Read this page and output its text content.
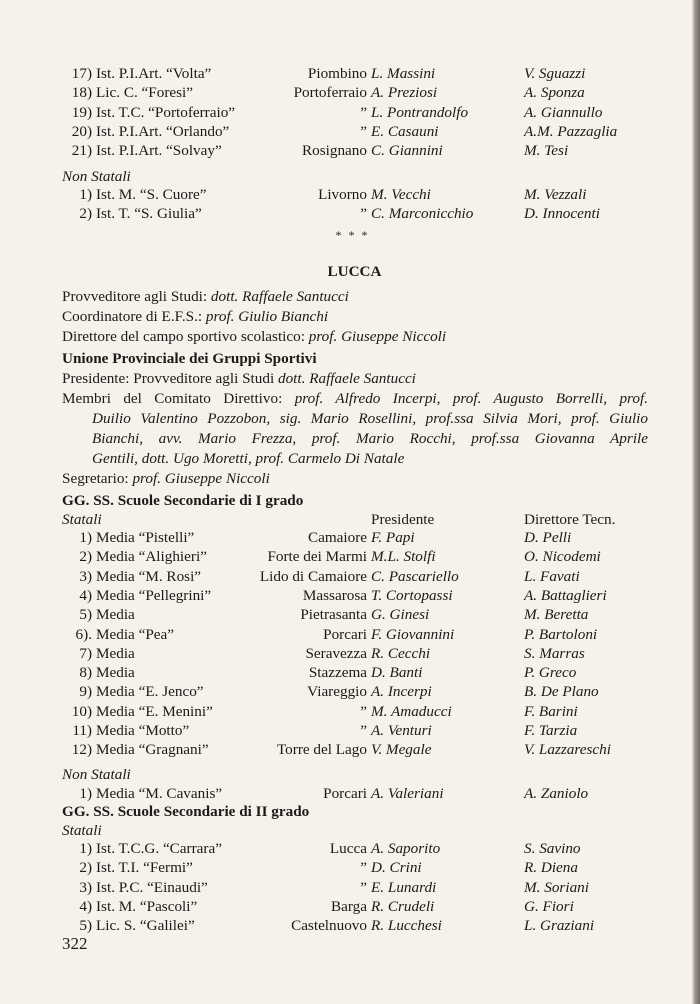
17) Ist. P.I.Art. “Volta”	Piombino L. Massini	V. Sguazzi
18) Lic. C. “Foresi”	Portoferraio A. Preziosi	A. Sponza
19) Ist. T.C. “Portoferraio”	” L. Pontrandolfo	A. Giannullo
20) Ist. P.I.Art. “Orlando”	” E. Casauni	A.M. Pazzaglia
21) Ist. P.I.Art. “Solvay”	Rosignano C. Giannini	M. Tesi
Non Statali
1) Ist. M. “S. Cuore”	Livorno M. Vecchi	M. Vezzali
2) Ist. T. “S. Giulia”	” C. Marconicchio	D. Innocenti
* * *
LUCCA
Provveditore agli Studi: dott. Raffaele Santucci
Coordinatore di E.F.S.: prof. Giulio Bianchi
Direttore del campo sportivo scolastico: prof. Giuseppe Niccoli
Unione Provinciale dei Gruppi Sportivi
Presidente: Provveditore agli Studi dott. Raffaele Santucci
Membri del Comitato Direttivo: prof. Alfredo Incerpi, prof. Augusto Borrelli, prof.
Duilio Valentino Pozzobon, sig. Mario Rosellini, prof.ssa Silvia Mori, prof. Giulio
Bianchi, avv. Mario Frezza, prof. Mario Rocchi, prof.ssa Giovanna Aprile
Gentili, dott. Ugo Moretti, prof. Carmelo Di Natale
Segretario: prof. Giuseppe Niccoli
GG. SS. Scuole Secondarie di I grado
Statali	Presidente	Direttore Tecn.
1) Media “Pistelli”	Camaiore F. Papi	D. Pelli
2) Media “Alighieri”	Forte dei Marmi M.L. Stolfi	O. Nicodemi
3) Media “M. Rosi”	Lido di Camaiore C. Pascariello	L. Favati
4) Media “Pellegrini”	Massarosa T. Cortopassi	A. Battaglieri
5) Media	Pietrasanta G. Ginesi	M. Beretta
6). Media “Pea”	Porcari F. Giovannini	P. Bartoloni
7) Media	Seravezza R. Cecchi	S. Marras
8) Media	Stazzema D. Banti	P. Greco
9) Media “E. Jenco”	Viareggio A. Incerpi	B. De Plano
10) Media “E. Menini”	” M. Amaducci	F. Barini
11) Media “Motto”	” A. Venturi	F. Tarzia
12) Media “Gragnani”	Torre del Lago V. Megale	V. Lazzareschi
Non Statali
1) Media “M. Cavanis”	Porcari A. Valeriani	A. Zaniolo
GG. SS. Scuole Secondarie di II grado
Statali
1) Ist. T.C.G. “Carrara”	Lucca A. Saporito	S. Savino
2) Ist. T.I. “Fermi”	” D. Crini	R. Diena
3) Ist. P.C. “Einaudi”	” E. Lunardi	M. Soriani
4) Ist. M. “Pascoli”	Barga R. Crudeli	G. Fiori
5) Lic. S. “Galilei”	Castelnuovo R. Lucchesi	L. Graziani
322
